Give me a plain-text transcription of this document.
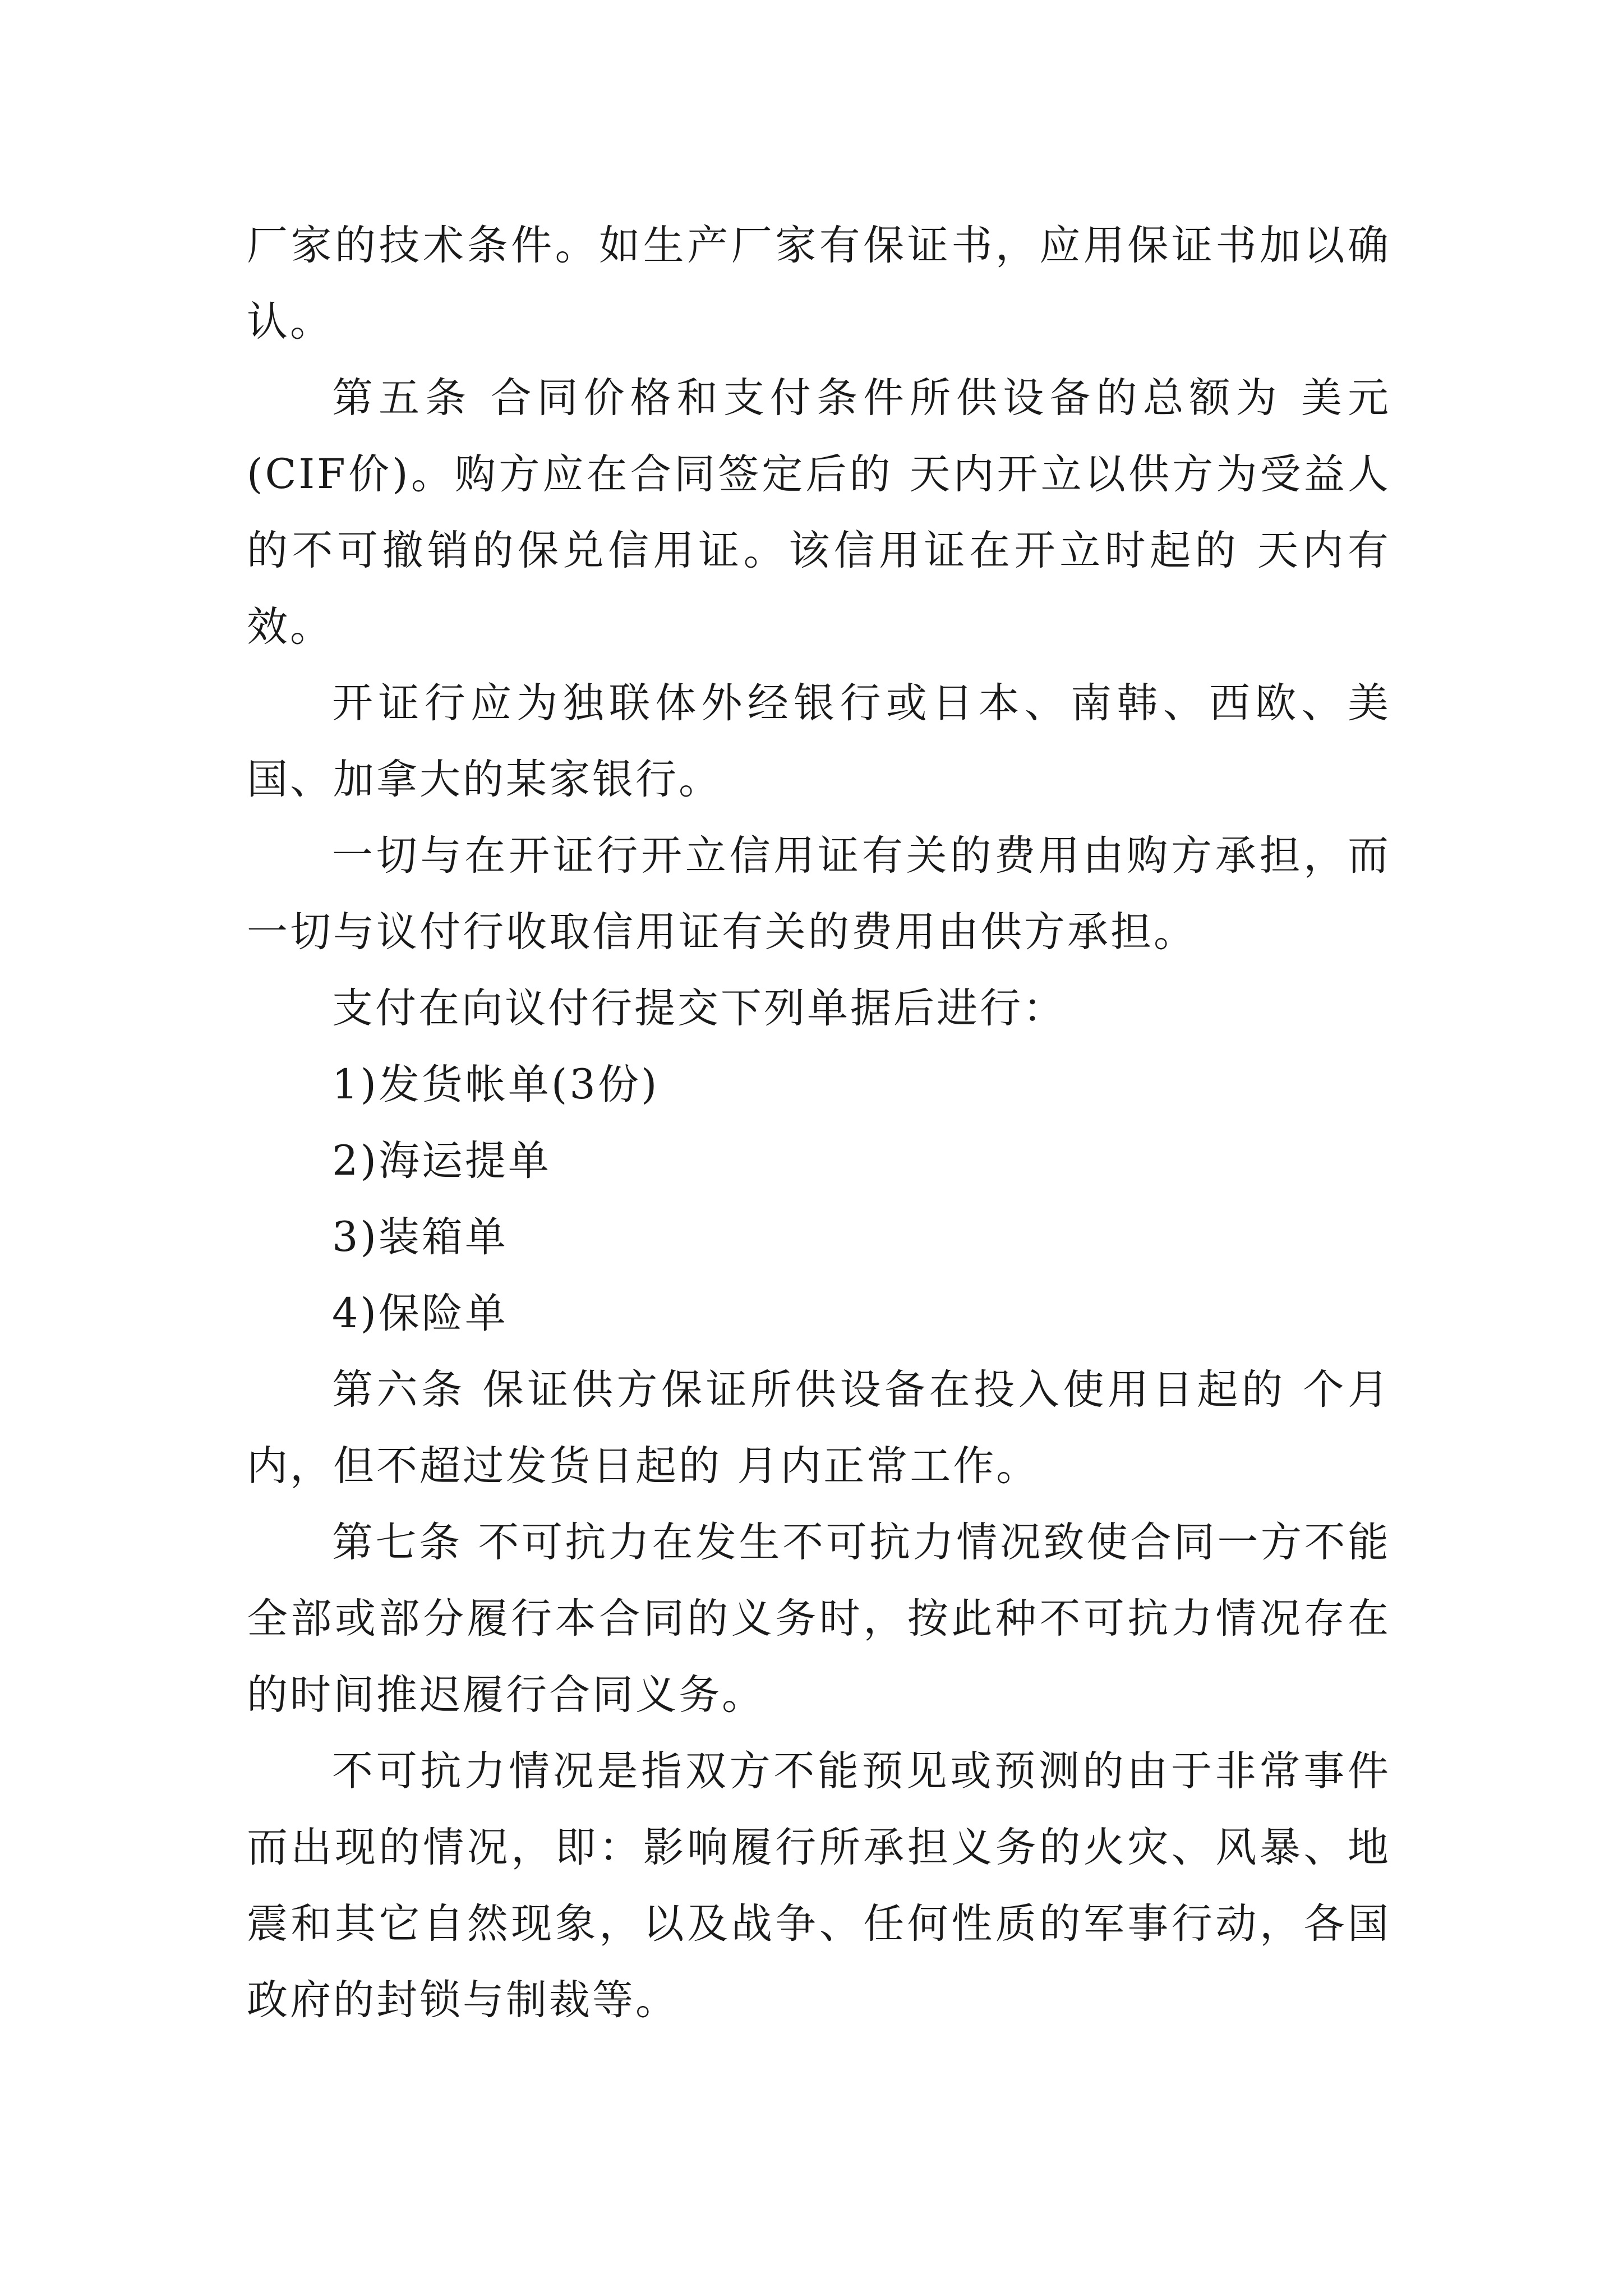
厂家的技术条件。如生产厂家有保证书，应用保证书加以确认。

第五条 合同价格和支付条件所供设备的总额为 美元(CIF价)。购方应在合同签定后的 天内开立以供方为受益人的不可撤销的保兑信用证。该信用证在开立时起的 天内有效。

开证行应为独联体外经银行或日本、南韩、西欧、美国、加拿大的某家银行。

一切与在开证行开立信用证有关的费用由购方承担，而一切与议付行收取信用证有关的费用由供方承担。

支付在向议付行提交下列单据后进行：

1)发货帐单(3份)

2)海运提单

3)装箱单

4)保险单

第六条 保证供方保证所供设备在投入使用日起的 个月内，但不超过发货日起的 月内正常工作。

第七条 不可抗力在发生不可抗力情况致使合同一方不能全部或部分履行本合同的义务时，按此种不可抗力情况存在的时间推迟履行合同义务。

不可抗力情况是指双方不能预见或预测的由于非常事件而出现的情况，即：影响履行所承担义务的火灾、风暴、地震和其它自然现象，以及战争、任何性质的军事行动，各国政府的封锁与制裁等。
